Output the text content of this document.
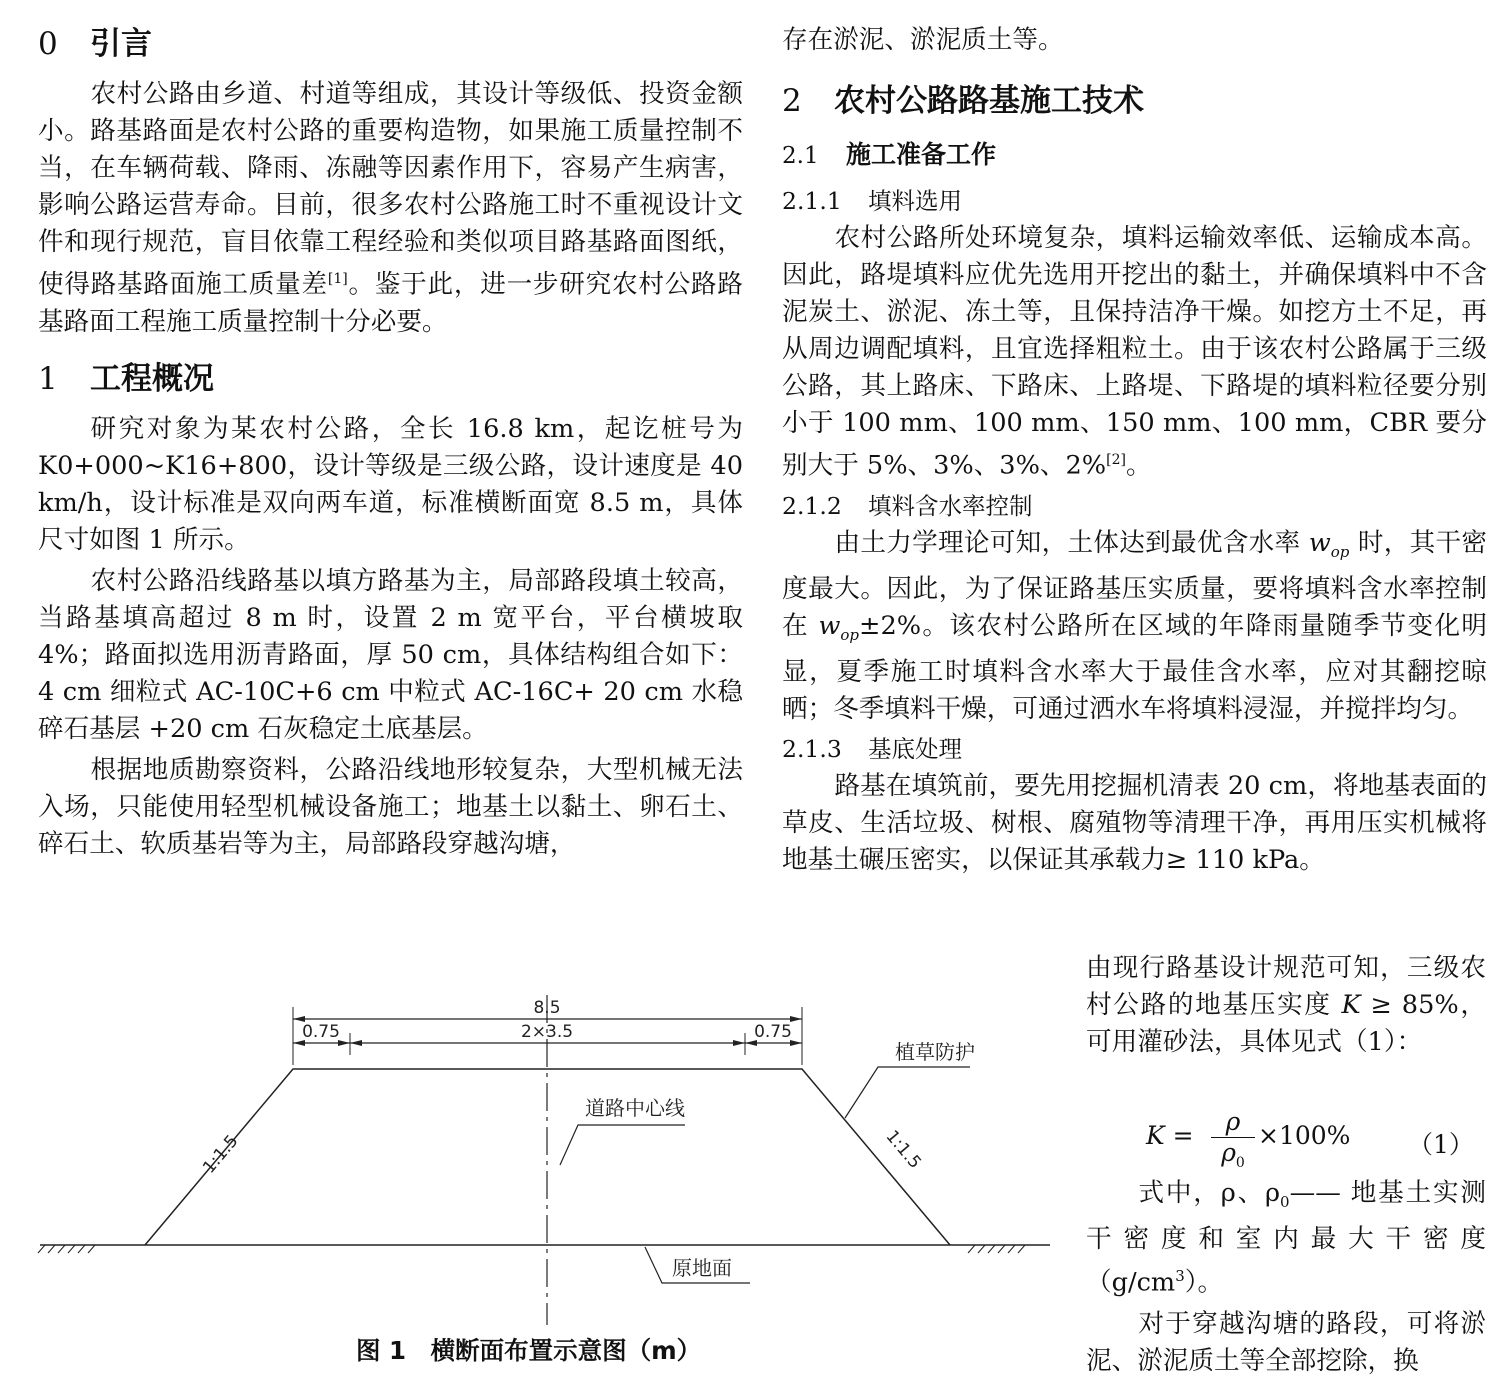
0 引言

农村公路由乡道、村道等组成，其设计等级低、投资金额小。路基路面是农村公路的重要构造物，如果施工质量控制不当，在车辆荷载、降雨、冻融等因素作用下，容易产生病害，影响公路运营寿命。目前，很多农村公路施工时不重视设计文件和现行规范，盲目依靠工程经验和类似项目路基路面图纸，使得路基路面施工质量差[1]。鉴于此，进一步研究农村公路路基路面工程施工质量控制十分必要。

1 工程概况

研究对象为某农村公路，全长 16.8 km，起讫桩号为 K0+000~K16+800，设计等级是三级公路，设计速度是 40 km/h，设计标准是双向两车道，标准横断面宽 8.5 m，具体尺寸如图 1 所示。

农村公路沿线路基以填方路基为主，局部路段填土较高，当路基填高超过 8 m 时，设置 2 m 宽平台，平台横坡取 4%；路面拟选用沥青路面，厚 50 cm，具体结构组合如下：4 cm 细粒式 AC-10C+6 cm 中粒式 AC-16C+ 20 cm 水稳碎石基层 +20 cm 石灰稳定土底基层。

根据地质勘察资料，公路沿线地形较复杂，大型机械无法入场，只能使用轻型机械设备施工；地基土以黏土、卵石土、碎石土、软质基岩等为主，局部路段穿越沟塘，

存在淤泥、淤泥质土等。

2 农村公路路基施工技术
2.1 施工准备工作
2.1.1 填料选用

农村公路所处环境复杂，填料运输效率低、运输成本高。因此，路堤填料应优先选用开挖出的黏土，并确保填料中不含泥炭土、淤泥、冻土等，且保持洁净干燥。如挖方土不足，再从周边调配填料，且宜选择粗粒土。由于该农村公路属于三级公路，其上路床、下路床、上路堤、下路堤的填料粒径要分别小于 100 mm、100 mm、150 mm、100 mm，CBR 要分别大于 5%、3%、3%、2%[2]。

2.1.2 填料含水率控制

由土力学理论可知，土体达到最优含水率 $w_{op}$ 时，其干密度最大。因此，为了保证路基压实质量，要将填料含水率控制在 $w_{op}\pm 2\%$。该农村公路所在区域的年降雨量随季节变化明显，夏季施工时填料含水率大于最佳含水率，应对其翻挖晾晒；冬季填料干燥，可通过洒水车将填料浸湿，并搅拌均匀。

2.1.3 基底处理

路基在填筑前，要先用挖掘机清表 20 cm，将地基表面的草皮、生活垃圾、树根、腐殖物等清理干净，再用压实机械将地基土碾压密实，以保证其承载力≥ 110 kPa。

由现行路基设计规范可知，三级农村公路的地基压实度 K ≥ 85%，可用灌砂法，具体见式（1）：

K =	ρ
$\rho_0$
×100% （1）

式中，ρ、$\rho_0——$ 地基土实测干密度和室内最大干密度$(g/cm^3)$。

对于穿越沟塘的路段，可将淤泥、淤泥质土等全部挖除，换

8.5
0.75	2×3.5	0.75
1:1.5	1:1.5
植草防护
道路中心线
原地面
图 1　横断面布置示意图（m）
